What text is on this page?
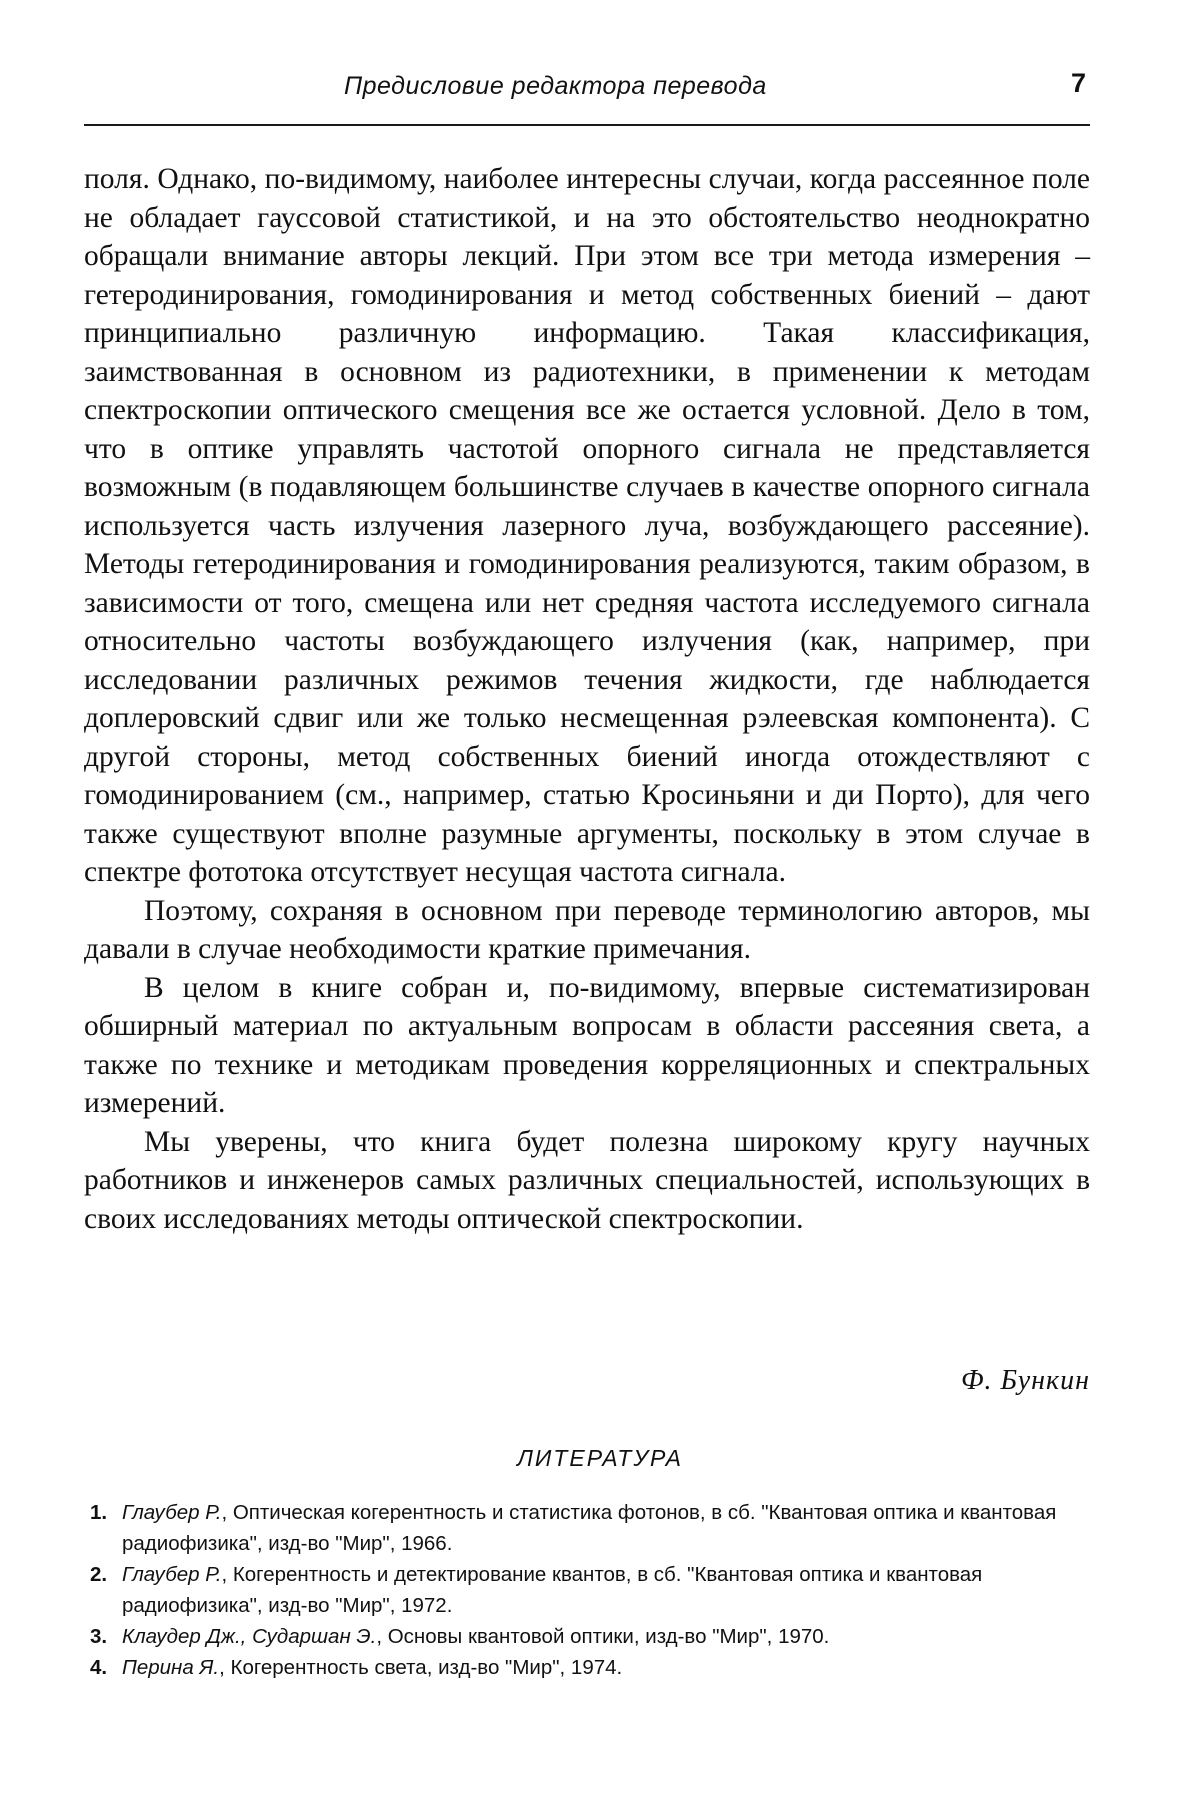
Предисловие редактора перевода	7

поля. Однако, по-видимому, наиболее интересны случаи, когда рассеянное поле не обладает гауссовой статистикой, и на это обстоятельство неоднократно обращали внимание авторы лекций. При этом все три метода измерения – гетеродинирования, гомодинирования и метод собственных биений – дают принципиально различную информацию. Такая классификация, заимствованная в основном из радиотехники, в применении к методам спектроскопии оптического смещения все же остается условной. Дело в том, что в оптике управлять частотой опорного сигнала не представляется возможным (в подавляющем большинстве случаев в качестве опорного сигнала используется часть излучения лазерного луча, возбуждающего рассеяние). Методы гетеродинирования и гомодинирования реализуются, таким образом, в зависимости от того, смещена или нет средняя частота исследуемого сигнала относительно частоты возбуждающего излучения (как, например, при исследовании различных режимов течения жидкости, где наблюдается доплеровский сдвиг или же только несмещенная рэлеевская компонента). С другой стороны, метод собственных биений иногда отождествляют с гомодинированием (см., например, статью Кросиньяни и ди Порто), для чего также существуют вполне разумные аргументы, поскольку в этом случае в спектре фототока отсутствует несущая частота сигнала.

Поэтому, сохраняя в основном при переводе терминологию авторов, мы давали в случае необходимости краткие примечания.

В целом в книге собран и, по-видимому, впервые систематизирован обширный материал по актуальным вопросам в области рассеяния света, а также по технике и методикам проведения корреляционных и спектральных измерений.

Мы уверены, что книга будет полезна широкому кругу научных работников и инженеров самых различных специальностей, использующих в своих исследованиях методы оптической спектроскопии.

Ф. Бункин
ЛИТЕРАТУРА
1. Глаубер Р., Оптическая когерентность и статистика фотонов, в сб. "Квантовая оптика и квантовая радиофизика", изд-во "Мир", 1966.
2. Глаубер Р., Когерентность и детектирование квантов, в сб. "Квантовая оптика и квантовая радиофизика", изд-во "Мир", 1972.
3. Клаудер Дж., Сударшан Э., Основы квантовой оптики, изд-во "Мир", 1970.
4. Перина Я., Когерентность света, изд-во "Мир", 1974.
